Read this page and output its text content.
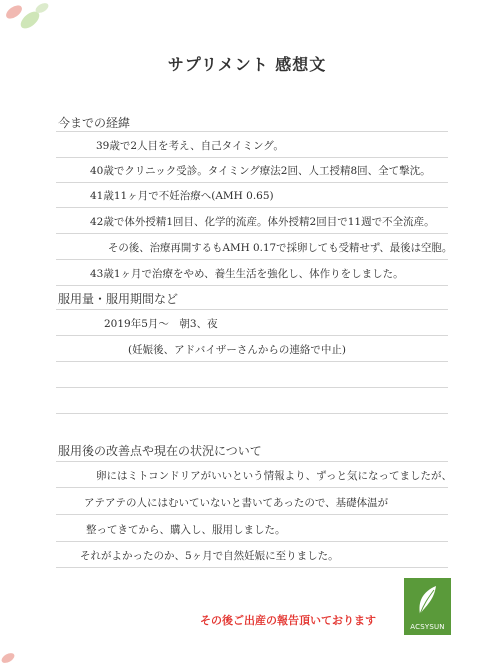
サプリメント 感想文
今までの経緯
39歳で2人目を考え、自己タイミング。
40歳でクリニック受診。タイミング療法2回、人工授精8回、全て撃沈。
41歳11ヶ月で不妊治療へ(AMH 0.65)
42歳で体外授精1回目、化学的流産。体外授精2回目で11週で不全流産。
その後、治療再開するもAMH 0.17で採卵しても受精せず、最後は空胞。
43歳1ヶ月で治療をやめ、養生生活を強化し、体作りをしました。
服用量・服用期間など
2019年5月～　朝3、夜
(妊娠後、アドバイザーさんからの連絡で中止)
服用後の改善点や現在の状況について
卵にはミトコンドリアがいいという情報より、ずっと気になってましたが、
アテアテの人にはむいていないと書いてあったので、基礎体温が
整ってきてから、購入し、服用しました。
それがよかったのか、5ヶ月で自然妊娠に至りました。
その後ご出産の報告頂いております	ACSYSUN
